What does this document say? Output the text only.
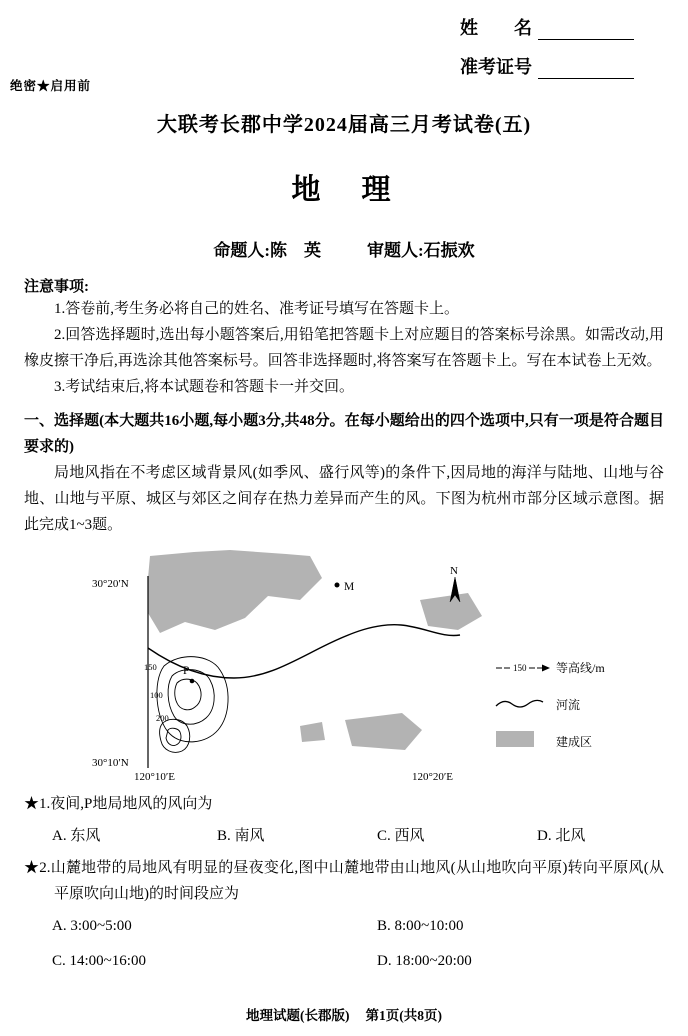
姓　　名
准考证号
绝密★启用前
大联考长郡中学2024届高三月考试卷(五)
地　理
命题人:陈　英	审题人:石振欢
注意事项:

1.答卷前,考生务必将自己的姓名、准考证号填写在答题卡上。

2.回答选择题时,选出每小题答案后,用铅笔把答题卡上对应题目的答案标号涂黑。如需改动,用橡皮擦干净后,再选涂其他答案标号。回答非选择题时,将答案写在答题卡上。写在本试卷上无效。

3.考试结束后,将本试题卷和答题卡一并交回。

一、选择题(本大题共16小题,每小题3分,共48分。在每小题给出的四个选项中,只有一项是符合题目要求的)

局地风指在不考虑区域背景风(如季风、盛行风等)的条件下,因局地的海洋与陆地、山地与谷地、山地与平原、城区与郊区之间存在热力差异而产生的风。下图为杭州市部分区域示意图。据此完成1~3题。

150
100
200
P
M
N
30°20′N
30°10′N
120°10′E	120°20′E
150 等高线/m
河流
建成区

★1.夜间,P地局地风的风向为

A. 东风	B. 南风	C. 西风	D. 北风

★2.山麓地带的局地风有明显的昼夜变化,图中山麓地带由山地风(从山地吹向平原)转向平原风(从平原吹向山地)的时间段应为

A. 3:00~5:00	B. 8:00~10:00
C. 14:00~16:00	D. 18:00~20:00
地理试题(长郡版) 第1页(共8页)
